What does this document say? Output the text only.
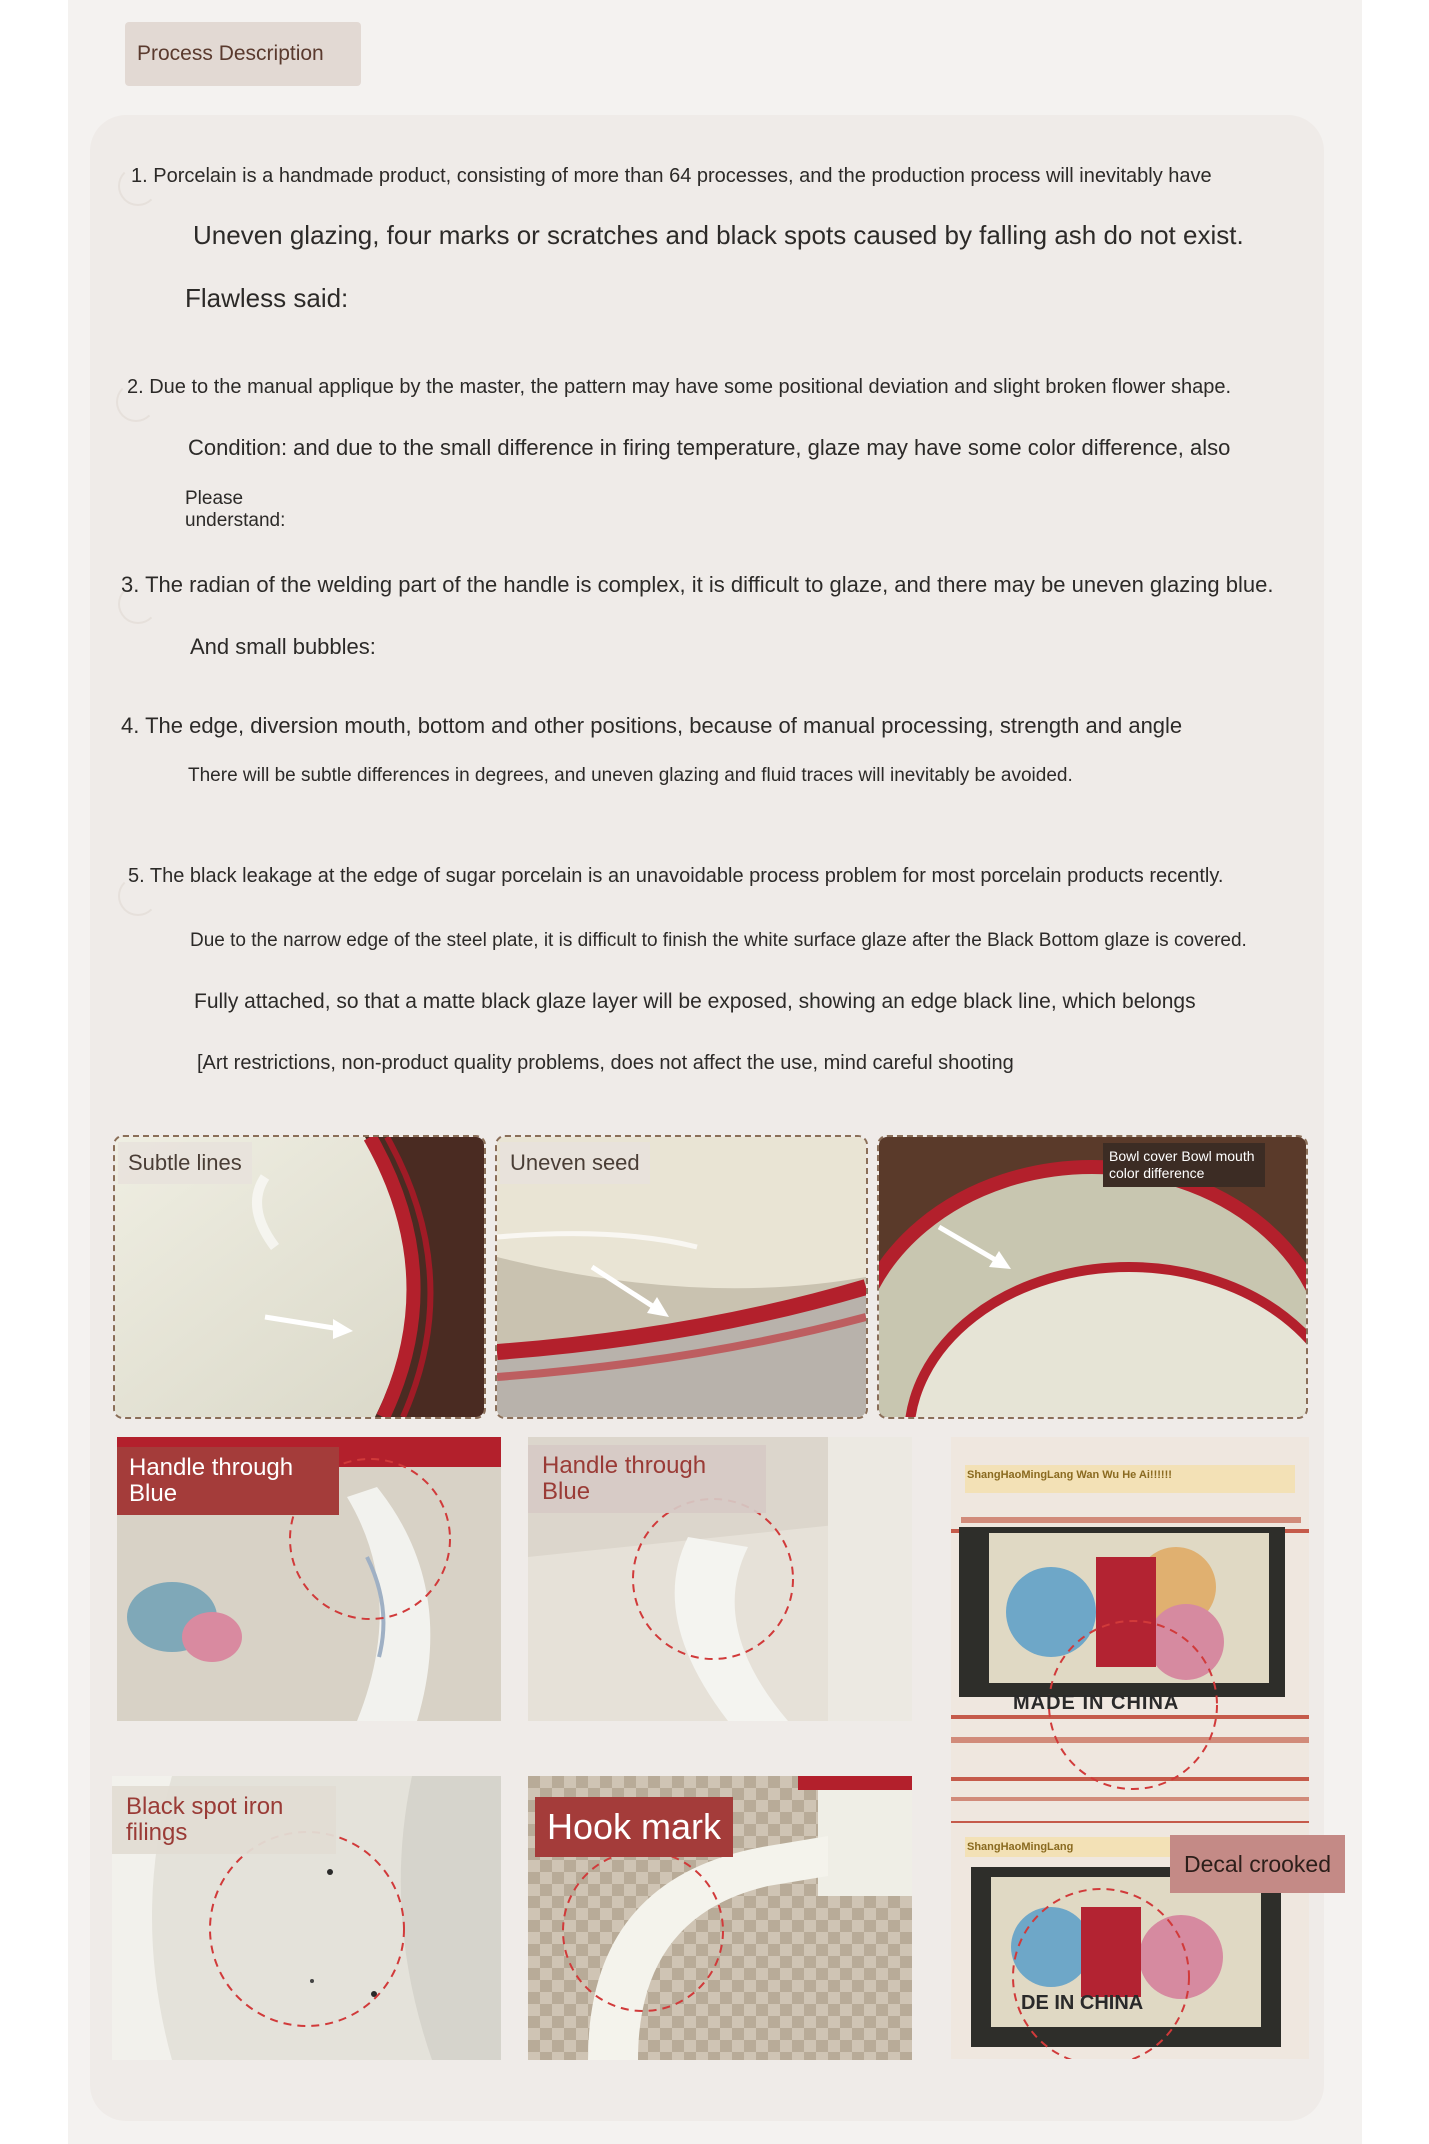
Process Description
1. Porcelain is a handmade product, consisting of more than 64 processes, and the production process will inevitably have
Uneven glazing, four marks or scratches and black spots caused by falling ash do not exist.
Flawless said:
2. Due to the manual applique by the master, the pattern may have some positional deviation and slight broken flower shape.
Condition: and due to the small difference in firing temperature, glaze may have some color difference, also
Please understand:
3. The radian of the welding part of the handle is complex, it is difficult to glaze, and there may be uneven glazing blue.
And small bubbles:
4. The edge, diversion mouth, bottom and other positions, because of manual processing, strength and angle
There will be subtle differences in degrees, and uneven glazing and fluid traces will inevitably be avoided.
5. The black leakage at the edge of sugar porcelain is an unavoidable process problem for most porcelain products recently.
Due to the narrow edge of the steel plate, it is difficult to finish the white surface glaze after the Black Bottom glaze is covered.
Fully attached, so that a matte black glaze layer will be exposed, showing an edge black line, which belongs
[Art restrictions, non-product quality problems, does not affect the use, mind careful shooting
Subtle lines	Uneven seed	Bowl cover Bowl mouth color difference
Handle through Blue
Handle through Blue
ShangHaoMingLang Wan Wu He Ai!!!!!!
MADE IN CHINA
ShangHaoMingLang
DE IN CHINA
Decal crooked
Black spot iron filings	Hook mark
